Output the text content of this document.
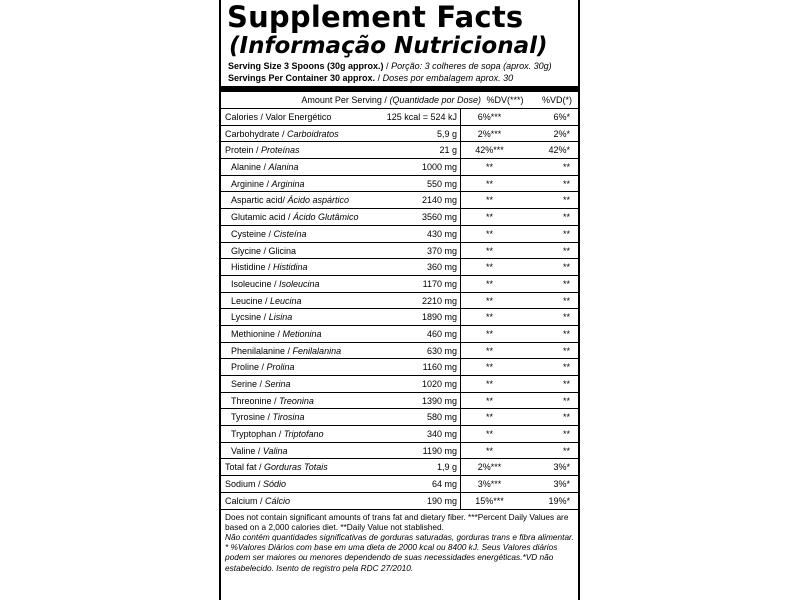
Supplement Facts
(Informação Nutricional)
Serving Size 3 Spoons (30g approx.) / Porção: 3 colheres de sopa (aprox. 30g)
Servings Per Container 30 approx. / Doses por embalagem aprox. 30
Amount Per Serving / (Quantidade por Dose) %DV(***)	%VD(*)
Calories / Valor Energético	125 kcal = 524 kJ	6%***	6%*
Carbohydrate / Carboidratos	5,9 g	2%***	2%*
Protein / Proteínas	21 g	42%***	42%*
Alanine / Alanina	1000 mg	**	**
Arginine / Arginina	550 mg	**	**
Aspartic acid/ Ácido aspártico	2140 mg	**	**
Glutamic acid / Ácido Glutâmico	3560 mg	**	**
Cysteine / Cisteína	430 mg	**	**
Glycine / Glicina	370 mg	**	**
Histidine / Histidina	360 mg	**	**
Isoleucine / Isoleucina	1170 mg	**	**
Leucine / Leucina	2210 mg	**	**
Lycsine / Lisina	1890 mg	**	**
Methionine / Metionina	460 mg	**	**
Phenilalanine / Fenilalanina	630 mg	**	**
Proline / Prolina	1160 mg	**	**
Serine / Serina	1020 mg	**	**
Threonine / Treonina	1390 mg	**	**
Tyrosine / Tirosina	580 mg	**	**
Tryptophan / Triptofano	340 mg	**	**
Valine / Valina	1190 mg	**	**
Total fat / Gorduras Totais	1,9 g	2%***	3%*
Sodium / Sódio	64 mg	3%***	3%*
Calcium / Cálcio	190 mg	15%***	19%*
Does not contain significant amounts of trans fat and dietary fiber. ***Percent Daily Values are based on a 2,000 calories diet. **Daily Value not stablished.
Não contém quantidades significativas de gorduras saturadas, gorduras trans e fibra alimentar. * %Valores Diários com base em uma dieta de 2000 kcal ou 8400 kJ. Seus Valores diários podem ser maiores ou menores dependendo de suas necessidades energéticas.*VD não estabelecido. Isento de registro pela RDC 27/2010.
